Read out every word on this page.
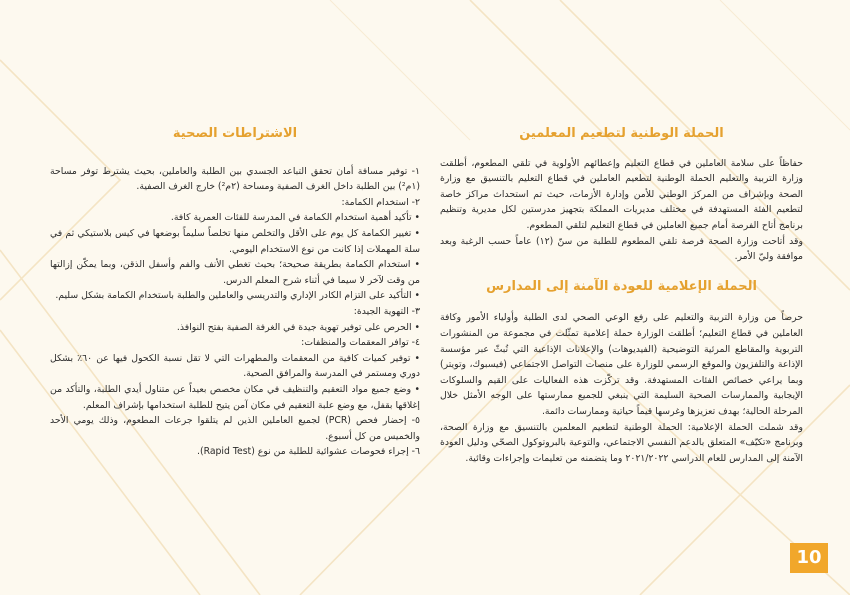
الحملة الوطنية لتطعيم المعلمين

حفاظاً على سلامة العاملين في قطاع التعليم وإعطائهم الأولوية في تلقي المطعوم، أطلقت وزارة التربية والتعليم الحملة الوطنية لتطعيم العاملين في قطاع التعليم بالتنسيق مع وزارة الصحة وبإشراف من المركز الوطني للأمن وإدارة الأزمات، حيث تم استحداث مراكز خاصة لتطعيم الفئة المستهدفة في مختلف مديريات المملكة بتجهيز مدرستين لكل مديرية وتنظيم برنامج أتاح الفرصة أمام جميع العاملين في قطاع التعليم لتلقي المطعوم.

وقد أتاحت وزارة الصحة فرصة تلقي المطعوم للطلبة من سنّ (١٢) عاماً حسب الرغبة وبعد موافقة وليّ الأمر.

الحملة الإعلامية للعودة الآمنة إلى المدارس

حرصاً من وزارة التربية والتعليم على رفع الوعي الصحي لدى الطلبة وأولياء الأمور وكافة العاملين في قطاع التعليم؛ أطلقت الوزارة حملة إعلامية تمثّلت في مجموعة من المنشورات التربوية والمقاطع المرئية التوضيحية (الفيديوهات) والإعلانات الإذاعية التي تُبثّ عبر مؤسسة الإذاعة والتلفزيون والموقع الرسمي للوزارة على منصات التواصل الاجتماعي (فيسبوك، وتويتر) وبما يراعي خصائص الفئات المستهدفة. وقد تركّزت هذه الفعاليات على القيم والسلوكات الإيجابية والممارسات الصحية السليمة التي ينبغي للجميع ممارستها على الوجه الأمثل خلال المرحلة الحالية؛ بهدف تعزيزها وغرسها قيماً حياتية وممارسات دائمة.

وقد شملت الحملة الإعلامية: الحملة الوطنية لتطعيم المعلمين بالتنسيق مع وزارة الصحة، وبرنامج «تكيّف» المتعلق بالدعم النفسي الاجتماعي، والتوعية بالبروتوكول الصحّي ودليل العودة الآمنة إلى المدارس للعام الدراسي ٢٠٢١/٢٠٢٢ وما يتضمنه من تعليمات وإجراءات وقائية.

الاشتراطات الصحية

١- توفير مسافة أمان تحقق التباعد الجسدي بين الطلبة والعاملين، بحيث يشترط توفر مساحة (١م²) بين الطلبة داخل الغرف الصفية ومساحة (٢م²) خارج الغرف الصفية.

٢- استخدام الكمامة:

• تأكيد أهمية استخدام الكمامة في المدرسة للفئات العمرية كافة.

• تغيير الكمامة كل يوم على الأقل والتخلص منها تخلصاً سليماً بوضعها في كيس بلاستيكي ثم في سلة المهملات إذا كانت من نوع الاستخدام اليومي.

• استخدام الكمامة بطريقة صحيحة؛ بحيث تغطي الأنف والفم وأسفل الذقن، وبما يمكّن إزالتها من وقت لآخر لا سيما في أثناء شرح المعلم الدرس.

• التأكيد على التزام الكادر الإداري والتدريسي والعاملين والطلبة باستخدام الكمامة بشكل سليم.

٣- التهوية الجيدة:

• الحرص على توفير تهوية جيدة في الغرفة الصفية بفتح النوافذ.

٤- توافر المعقمات والمنظفات:

• توفير كميات كافية من المعقمات والمطهرات التي لا تقل نسبة الكحول فيها عن ٦٠٪ بشكل دوري ومستمر في المدرسة والمرافق الصحية.

• وضع جميع مواد التعقيم والتنظيف في مكان مخصص بعيداً عن متناول أيدي الطلبة، والتأكد من إغلاقها بقفل، مع وضع علبة التعقيم في مكان آمن يتيح للطلبة استخدامها بإشراف المعلم.

٥- إحضار فحص (PCR) لجميع العاملين الذين لم يتلقوا جرعات المطعوم، وذلك يومي الأحد والخميس من كل أسبوع.

٦- إجراء فحوصات عشوائية للطلبة من نوع (Rapid Test).

10
